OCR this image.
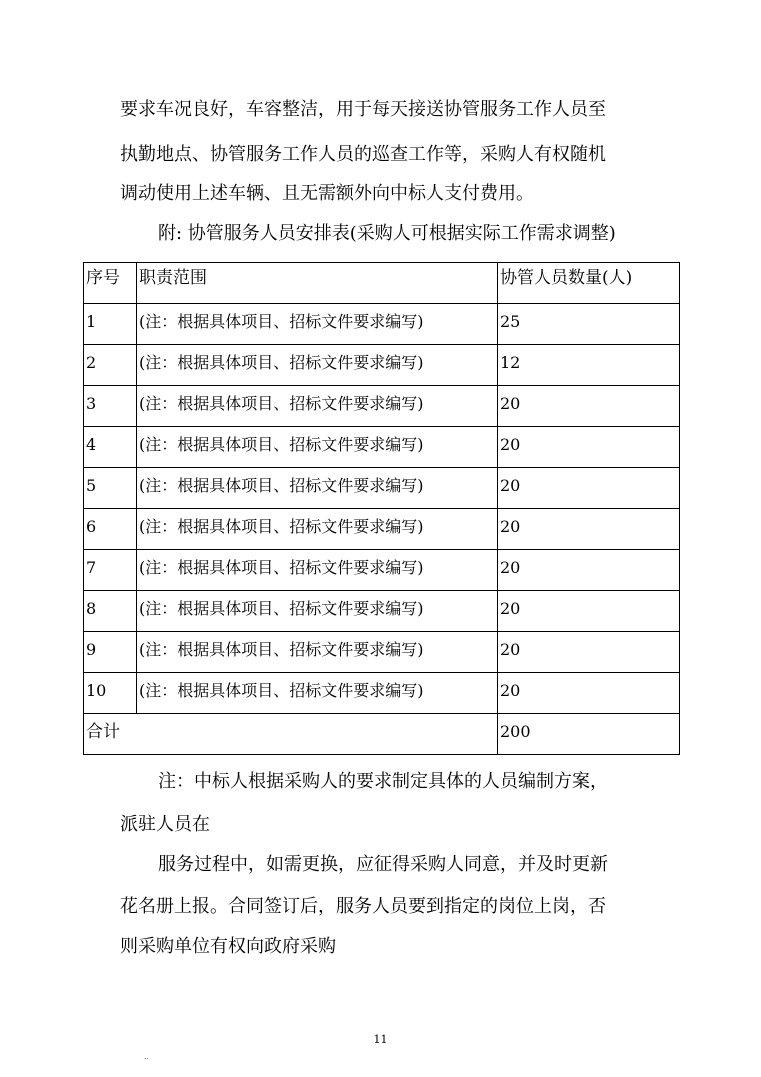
要求车况良好，车容整洁，用于每天接送协管服务工作人员至
执勤地点、协管服务工作人员的巡查工作等，采购人有权随机
调动使用上述车辆、且无需额外向中标人支付费用。
附: 协管服务人员安排表(采购人可根据实际工作需求调整)
序号	职责范围	协管人员数量(人)
1	(注：根据具体项目、招标文件要求编写)	25
2	(注：根据具体项目、招标文件要求编写)	12
3	(注：根据具体项目、招标文件要求编写)	20
4	(注：根据具体项目、招标文件要求编写)	20
5	(注：根据具体项目、招标文件要求编写)	20
6	(注：根据具体项目、招标文件要求编写)	20
7	(注：根据具体项目、招标文件要求编写)	20
8	(注：根据具体项目、招标文件要求编写)	20
9	(注：根据具体项目、招标文件要求编写)	20
10	(注：根据具体项目、招标文件要求编写)	20
合计		200
注：中标人根据采购人的要求制定具体的人员编制方案，
派驻人员在
服务过程中，如需更换，应征得采购人同意，并及时更新
花名册上报。合同签订后，服务人员要到指定的岗位上岗，否
则采购单位有权向政府采购
11
..
